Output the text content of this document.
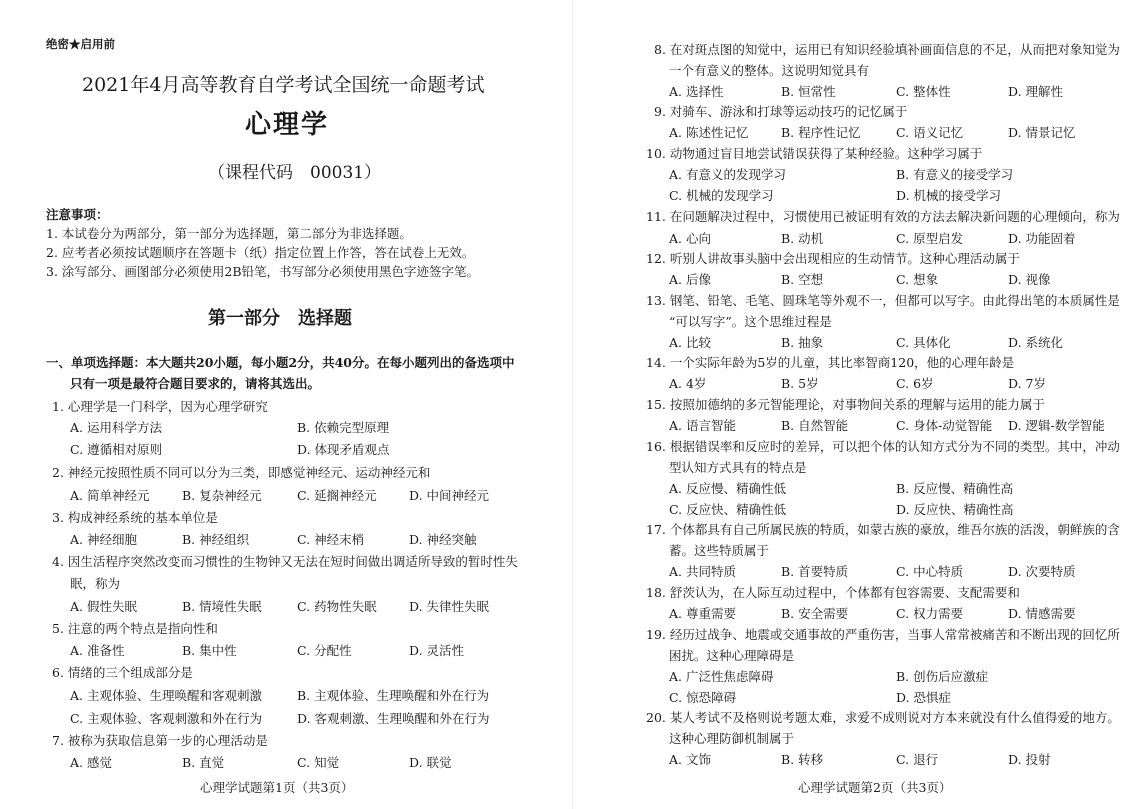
绝密★启用前
2021年4月高等教育自学考试全国统一命题考试
心理学
（课程代码　00031）
注意事项：
1. 本试卷分为两部分，第一部分为选择题，第二部分为非选择题。
2. 应考者必须按试题顺序在答题卡（纸）指定位置上作答，答在试卷上无效。
3. 涂写部分、画图部分必须使用2B铅笔，书写部分必须使用黑色字迹签字笔。
第一部分　选择题
一、单项选择题：本大题共20小题，每小题2分，共40分。在每小题列出的备选项中
只有一项是最符合题目要求的，请将其选出。
1. 心理学是一门科学，因为心理学研究
A. 运用科学方法	B. 依赖完型原理
C. 遵循相对原则	D. 体现矛盾观点
2. 神经元按照性质不同可以分为三类，即感觉神经元、运动神经元和
A. 简单神经元	B. 复杂神经元	C. 延搁神经元	D. 中间神经元
3. 构成神经系统的基本单位是
A. 神经细胞	B. 神经组织	C. 神经末梢	D. 神经突触
4. 因生活程序突然改变而习惯性的生物钟又无法在短时间做出调适所导致的暂时性失
眠，称为
A. 假性失眠	B. 情境性失眠	C. 药物性失眠	D. 失律性失眠
5. 注意的两个特点是指向性和
A. 准备性	B. 集中性	C. 分配性	D. 灵活性
6. 情绪的三个组成部分是
A. 主观体验、生理唤醒和客观刺激	B. 主观体验、生理唤醒和外在行为
C. 主观体验、客观刺激和外在行为	D. 客观刺激、生理唤醒和外在行为
7. 被称为获取信息第一步的心理活动是
A. 感觉	B. 直觉	C. 知觉	D. 联觉
心理学试题第1页（共3页）
8. 在对斑点图的知觉中，运用已有知识经验填补画面信息的不足，从而把对象知觉为
一个有意义的整体。这说明知觉具有
A. 选择性	B. 恒常性	C. 整体性	D. 理解性
9. 对骑车、游泳和打球等运动技巧的记忆属于
A. 陈述性记忆	B. 程序性记忆	C. 语义记忆	D. 情景记忆
10. 动物通过盲目地尝试错误获得了某种经验。这种学习属于
A. 有意义的发现学习	B. 有意义的接受学习
C. 机械的发现学习	D. 机械的接受学习
11. 在问题解决过程中，习惯使用已被证明有效的方法去解决新问题的心理倾向，称为
A. 心向	B. 动机	C. 原型启发	D. 功能固着
12. 听别人讲故事头脑中会出现相应的生动情节。这种心理活动属于
A. 后像	B. 空想	C. 想象	D. 视像
13. 钢笔、铅笔、毛笔、圆珠笔等外观不一，但都可以写字。由此得出笔的本质属性是
“可以写字”。这个思维过程是
A. 比较	B. 抽象	C. 具体化	D. 系统化
14. 一个实际年龄为5岁的儿童，其比率智商120，他的心理年龄是
A. 4岁	B. 5岁	C. 6岁	D. 7岁
15. 按照加德纳的多元智能理论，对事物间关系的理解与运用的能力属于
A. 语言智能	B. 自然智能	C. 身体-动觉智能 D. 逻辑-数学智能
16. 根据错误率和反应时的差异，可以把个体的认知方式分为不同的类型。其中，冲动
型认知方式具有的特点是
A. 反应慢、精确性低	B. 反应慢、精确性高
C. 反应快、精确性低	D. 反应快、精确性高
17. 个体都具有自己所属民族的特质，如蒙古族的豪放，维吾尔族的活泼，朝鲜族的含
蓄。这些特质属于
A. 共同特质	B. 首要特质	C. 中心特质	D. 次要特质
18. 舒茨认为，在人际互动过程中，个体都有包容需要、支配需要和
A. 尊重需要	B. 安全需要	C. 权力需要	D. 情感需要
19. 经历过战争、地震或交通事故的严重伤害，当事人常常被痛苦和不断出现的回忆所
困扰。这种心理障碍是
A. 广泛性焦虑障碍	B. 创伤后应激症
C. 惊恐障碍	D. 恐惧症
20. 某人考试不及格则说考题太难，求爱不成则说对方本来就没有什么值得爱的地方。
这种心理防御机制属于
A. 文饰	B. 转移	C. 退行	D. 投射
心理学试题第2页（共3页）
